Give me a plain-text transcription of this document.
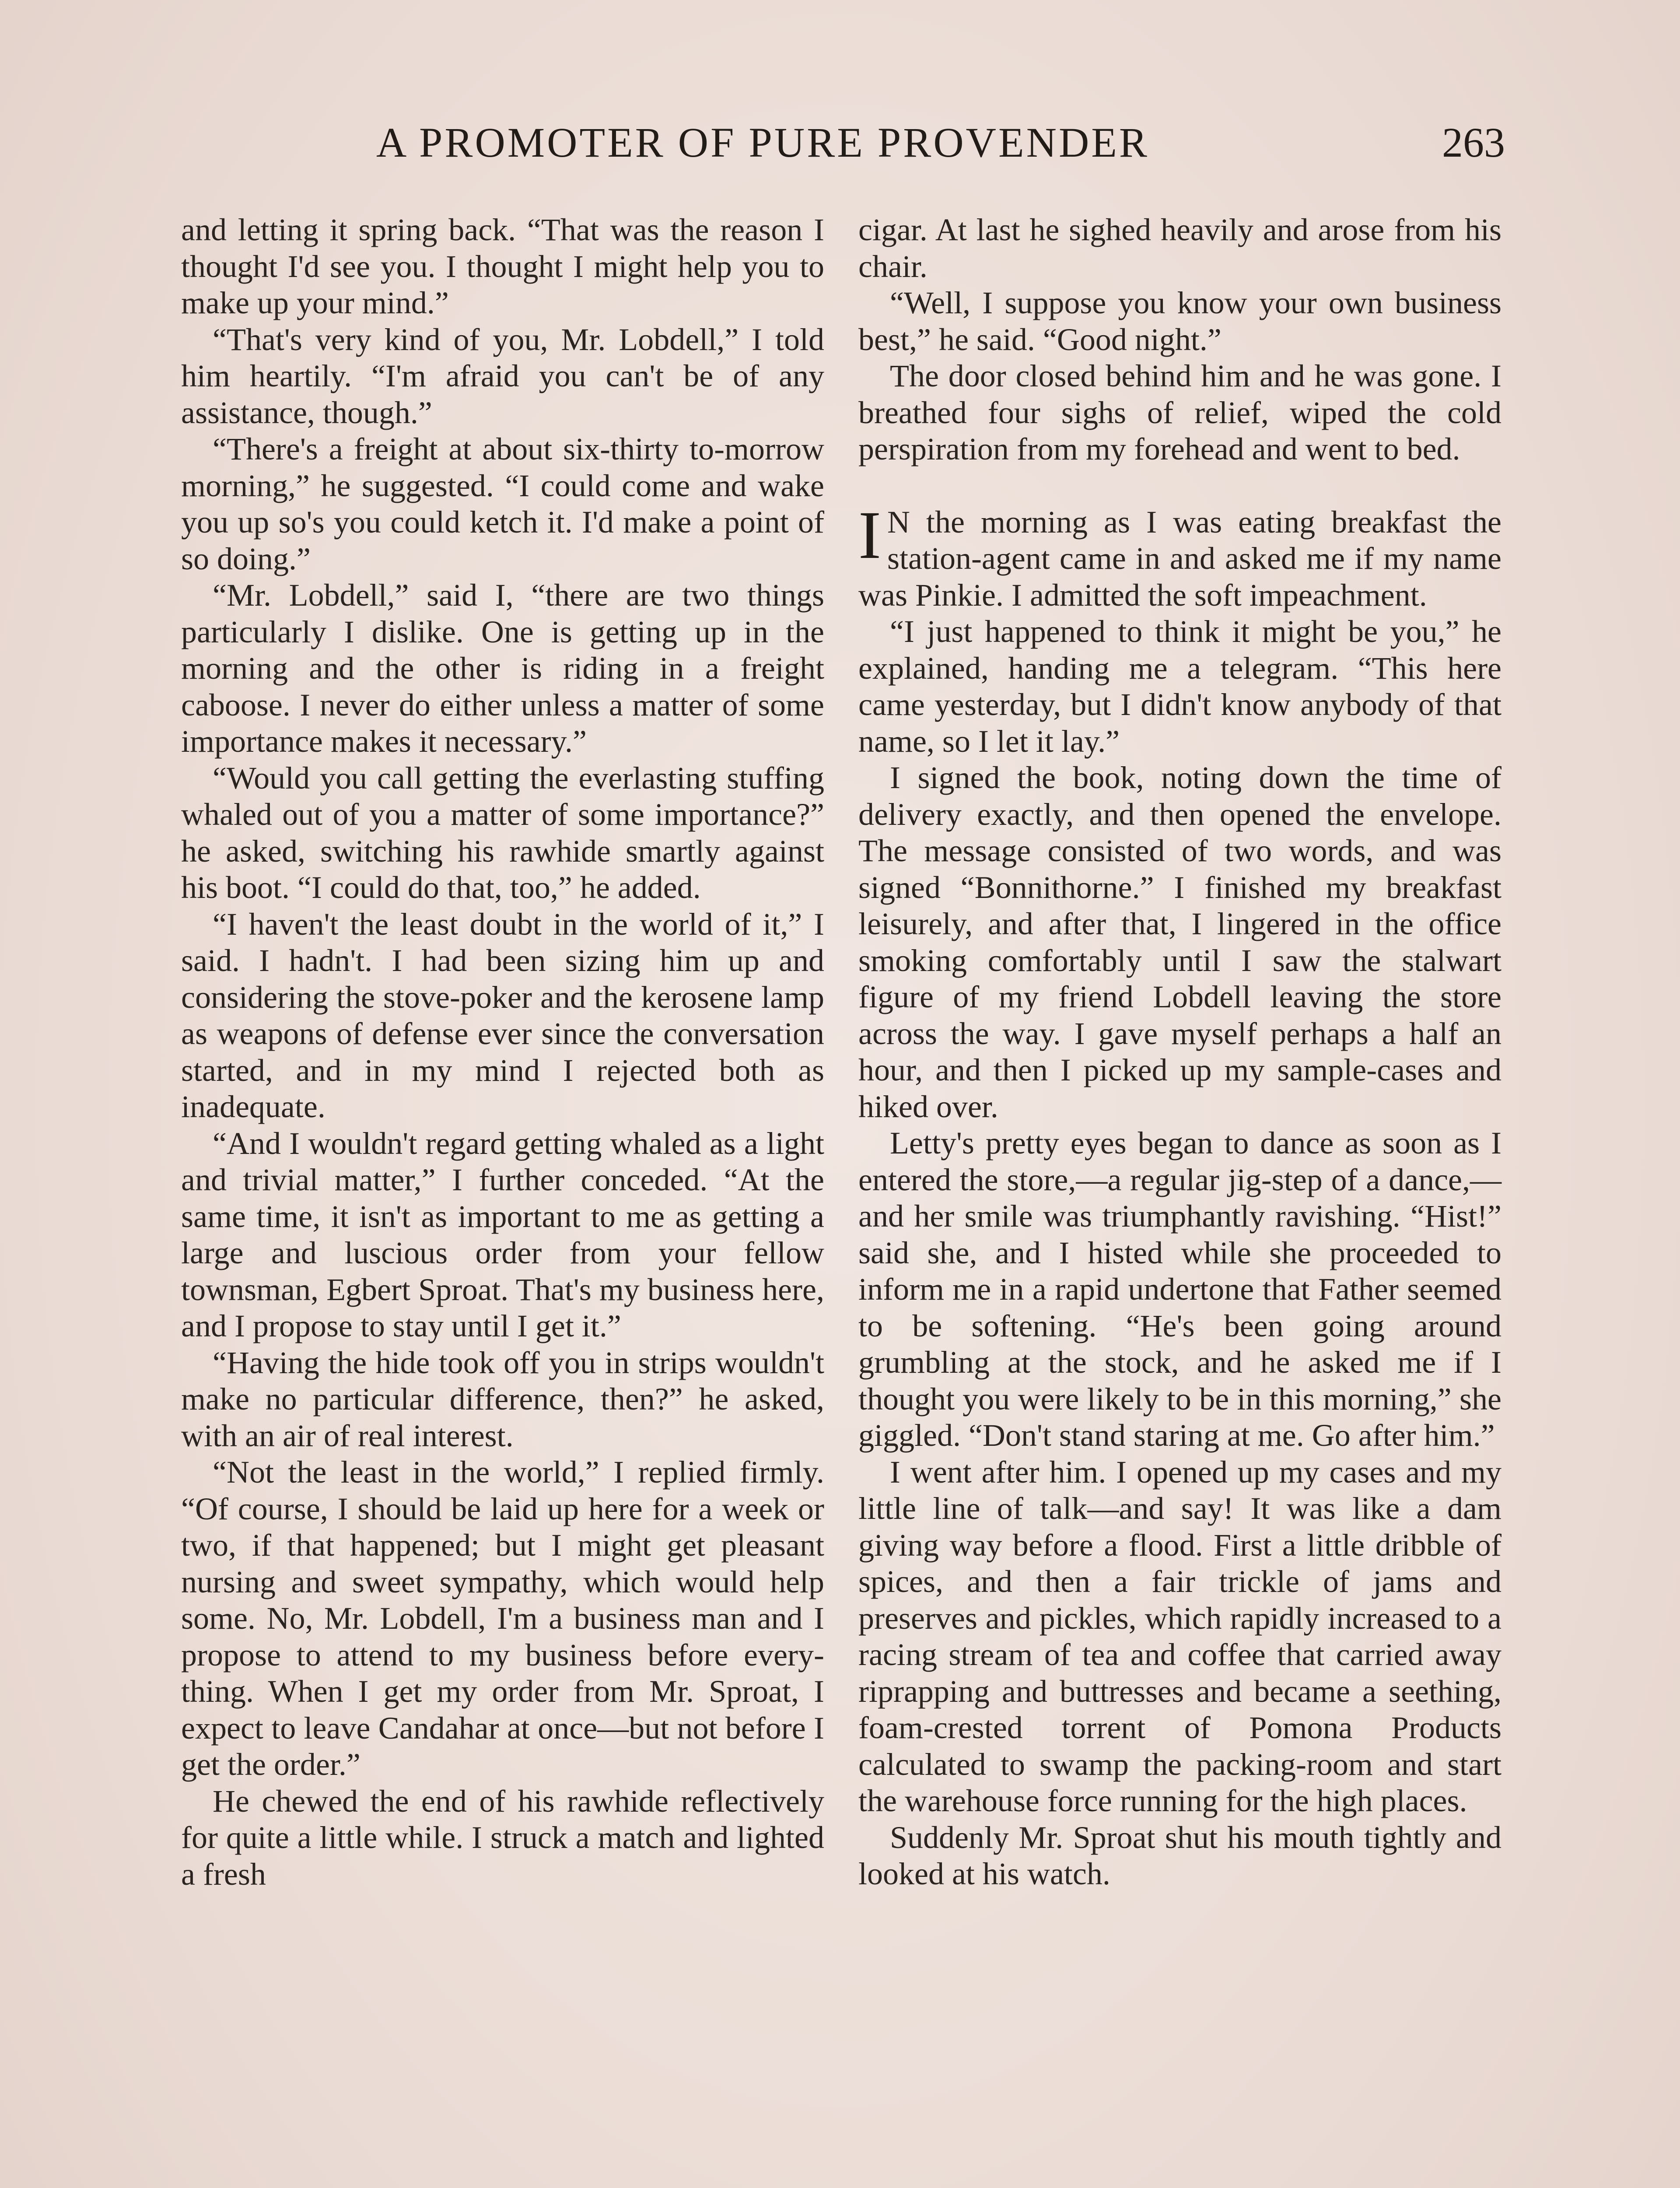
A PROMOTER OF PURE PROVENDER	263

and letting it spring back. “That was the reason I thought I'd see you. I thought I might help you to make up your mind.”

“That's very kind of you, Mr. Lobdell,” I told him heartily. “I'm afraid you can't be of any assistance, though.”

“There's a freight at about six-thirty to-morrow morning,” he suggested. “I could come and wake you up so's you could ketch it. I'd make a point of so doing.”

“Mr. Lobdell,” said I, “there are two things particularly I dislike. One is getting up in the morning and the other is riding in a freight caboose. I never do either unless a matter of some importance makes it necessary.”

“Would you call getting the everlasting stuffing whaled out of you a matter of some importance?” he asked, switching his rawhide smartly against his boot. “I could do that, too,” he added.

“I haven't the least doubt in the world of it,” I said. I hadn't. I had been sizing him up and considering the stove-poker and the kerosene lamp as weapons of defense ever since the conversation started, and in my mind I rejected both as inadequate.

“And I wouldn't regard getting whaled as a light and trivial matter,” I further conceded. “At the same time, it isn't as important to me as getting a large and luscious order from your fellow townsman, Egbert Sproat. That's my business here, and I propose to stay until I get it.”

“Having the hide took off you in strips wouldn't make no particular difference, then?” he asked, with an air of real interest.

“Not the least in the world,” I replied firmly. “Of course, I should be laid up here for a week or two, if that happened; but I might get pleasant nursing and sweet sympathy, which would help some. No, Mr. Lobdell, I'm a business man and I propose to attend to my business before everything. When I get my order from Mr. Sproat, I expect to leave Candahar at once—but not before I get the order.”

He chewed the end of his rawhide reflectively for quite a little while. I struck a match and lighted a fresh

cigar. At last he sighed heavily and arose from his chair.

“Well, I suppose you know your own business best,” he said. “Good night.”

The door closed behind him and he was gone. I breathed four sighs of relief, wiped the cold perspiration from my forehead and went to bed.

I N the morning as I was eating breakfast the station-agent came in and asked me if my name was Pinkie. I admitted the soft impeachment.

“I just happened to think it might be you,” he explained, handing me a telegram. “This here came yesterday, but I didn't know anybody of that name, so I let it lay.”

I signed the book, noting down the time of delivery exactly, and then opened the envelope. The message consisted of two words, and was signed “Bonnithorne.” I finished my breakfast leisurely, and after that, I lingered in the office smoking comfortably until I saw the stalwart figure of my friend Lobdell leaving the store across the way. I gave myself perhaps a half an hour, and then I picked up my sample-cases and hiked over.

Letty's pretty eyes began to dance as soon as I entered the store,—a regular jig-step of a dance,—and her smile was triumphantly ravishing. “Hist!” said she, and I histed while she proceeded to inform me in a rapid undertone that Father seemed to be softening. “He's been going around grumbling at the stock, and he asked me if I thought you were likely to be in this morning,” she giggled. “Don't stand staring at me. Go after him.”

I went after him. I opened up my cases and my little line of talk—and say! It was like a dam giving way before a flood. First a little dribble of spices, and then a fair trickle of jams and preserves and pickles, which rapidly increased to a racing stream of tea and coffee that carried away riprapping and buttresses and became a seething, foam-crested torrent of Pomona Products calculated to swamp the packing-room and start the warehouse force running for the high places.

Suddenly Mr. Sproat shut his mouth tightly and looked at his watch.
